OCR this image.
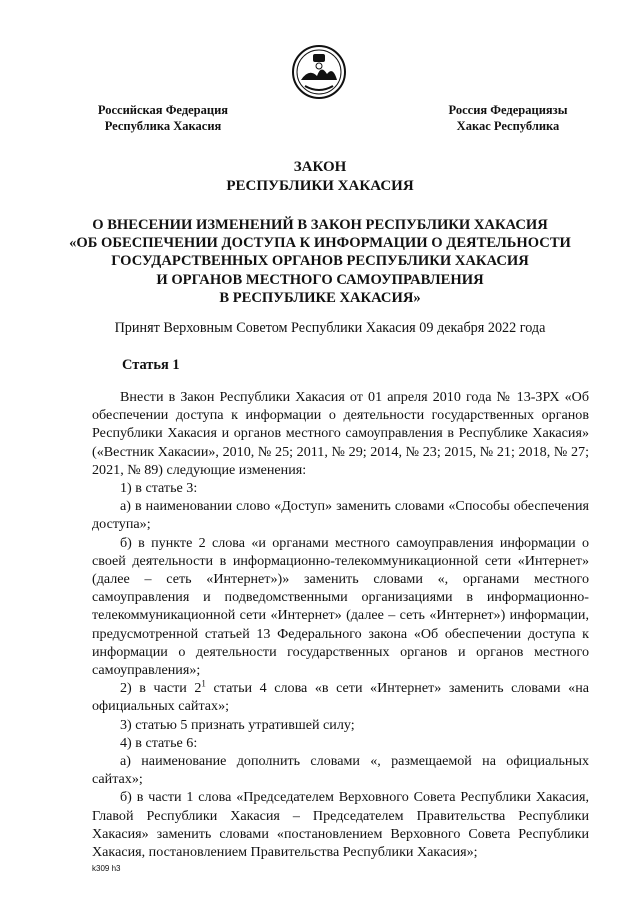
Российская Федерация
Республика Хакасия
Россия Федерациязы
Хакас Республика
ЗАКОН
РЕСПУБЛИКИ ХАКАСИЯ
О ВНЕСЕНИИ ИЗМЕНЕНИЙ В ЗАКОН РЕСПУБЛИКИ ХАКАСИЯ
«ОБ ОБЕСПЕЧЕНИИ ДОСТУПА К ИНФОРМАЦИИ О ДЕЯТЕЛЬНОСТИ
ГОСУДАРСТВЕННЫХ ОРГАНОВ РЕСПУБЛИКИ ХАКАСИЯ
И ОРГАНОВ МЕСТНОГО САМОУПРАВЛЕНИЯ
В РЕСПУБЛИКЕ ХАКАСИЯ»
Принят Верховным Советом Республики Хакасия 09 декабря 2022 года
Статья 1

Внести в Закон Республики Хакасия от 01 апреля 2010 года № 13-ЗРХ «Об обеспечении доступа к информации о деятельности государственных органов Республики Хакасия и органов местного самоуправления в Республике Хакасия» («Вестник Хакасии», 2010, № 25; 2011, № 29; 2014, № 23; 2015, № 21; 2018, № 27; 2021, № 89) следующие изменения:

1) в статье 3:

а) в наименовании слово «Доступ» заменить словами «Способы обеспечения доступа»;

б) в пункте 2 слова «и органами местного самоуправления информации о своей деятельности в информационно-телекоммуникационной сети «Интернет» (далее – сеть «Интернет»)» заменить словами «, органами местного самоуправления и подведомственными организациями в информационно-телекоммуникационной сети «Интернет» (далее – сеть «Интернет») информации, предусмотренной статьей 13 Федерального закона «Об обеспечении доступа к информации о деятельности государственных органов и органов местного самоуправления»;

2) в части $2^1$ статьи 4 слова «в сети «Интернет» заменить словами «на официальных сайтах»;

3) статью 5 признать утратившей силу;

4) в статье 6:

а) наименование дополнить словами «, размещаемой на официальных сайтах»;

б) в части 1 слова «Председателем Верховного Совета Республики Хакасия, Главой Республики Хакасия – Председателем Правительства Республики Хакасия» заменить словами «постановлением Верховного Совета Республики Хакасия, постановлением Правительства Республики Хакасия»;

k309 h3
